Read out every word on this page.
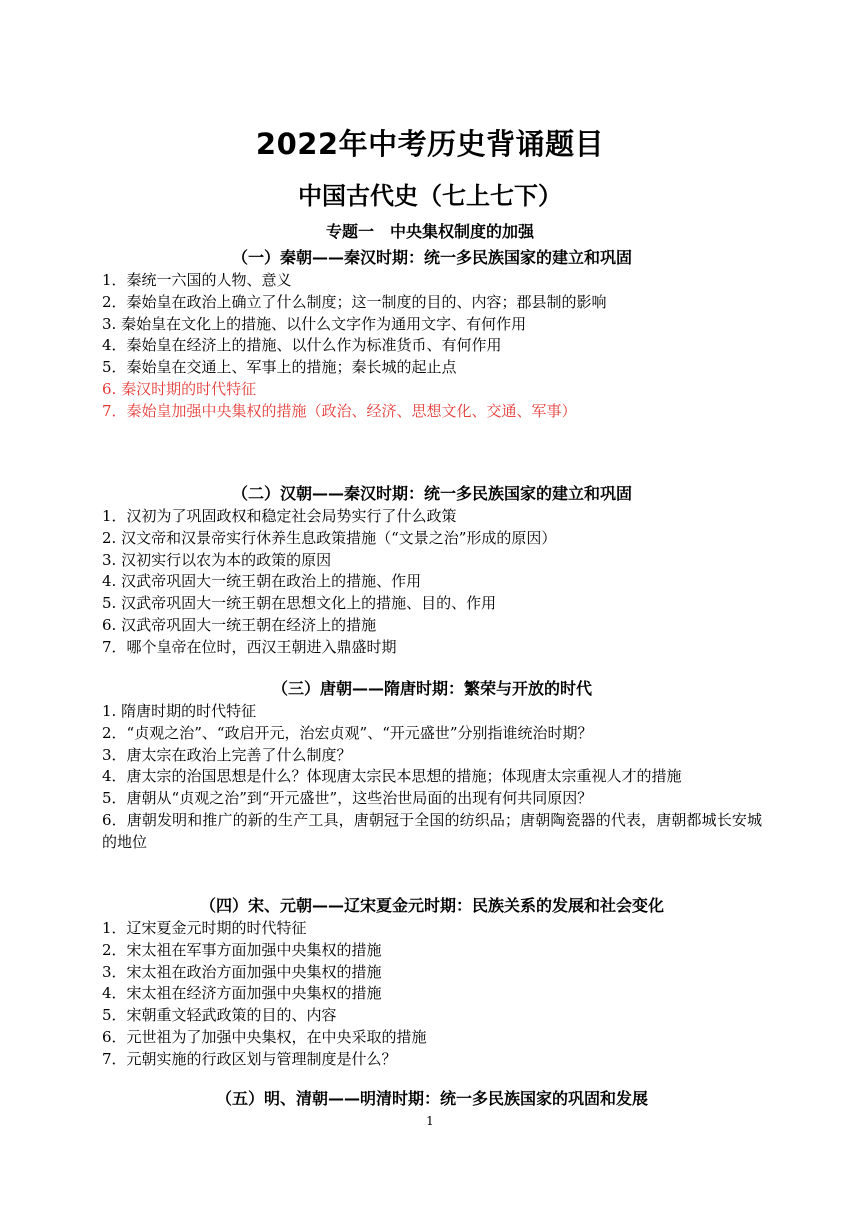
2022年中考历史背诵题目
中国古代史（七上七下）
专题一　中央集权制度的加强
（一）秦朝——秦汉时期：统一多民族国家的建立和巩固
1．秦统一六国的人物、意义
2．秦始皇在政治上确立了什么制度；这一制度的目的、内容；郡县制的影响
3. 秦始皇在文化上的措施、以什么文字作为通用文字、有何作用
4．秦始皇在经济上的措施、以什么作为标准货币、有何作用
5．秦始皇在交通上、军事上的措施；秦长城的起止点
6. 秦汉时期的时代特征
7．秦始皇加强中央集权的措施（政治、经济、思想文化、交通、军事）
（二）汉朝——秦汉时期：统一多民族国家的建立和巩固
1．汉初为了巩固政权和稳定社会局势实行了什么政策
2. 汉文帝和汉景帝实行休养生息政策措施（“文景之治”形成的原因）
3. 汉初实行以农为本的政策的原因
4. 汉武帝巩固大一统王朝在政治上的措施、作用
5. 汉武帝巩固大一统王朝在思想文化上的措施、目的、作用
6. 汉武帝巩固大一统王朝在经济上的措施
7．哪个皇帝在位时，西汉王朝进入鼎盛时期
（三）唐朝——隋唐时期：繁荣与开放的时代
1. 隋唐时期的时代特征
2．“贞观之治”、“政启开元，治宏贞观”、“开元盛世”分别指谁统治时期？
3．唐太宗在政治上完善了什么制度？
4．唐太宗的治国思想是什么？体现唐太宗民本思想的措施；体现唐太宗重视人才的措施
5．唐朝从“贞观之治”到“开元盛世”，这些治世局面的出现有何共同原因？
6．唐朝发明和推广的新的生产工具，唐朝冠于全国的纺织品；唐朝陶瓷器的代表，唐朝都城长安城的地位
（四）宋、元朝——辽宋夏金元时期：民族关系的发展和社会变化
1．辽宋夏金元时期的时代特征
2．宋太祖在军事方面加强中央集权的措施
3．宋太祖在政治方面加强中央集权的措施
4．宋太祖在经济方面加强中央集权的措施
5．宋朝重文轻武政策的目的、内容
6．元世祖为了加强中央集权，在中央采取的措施
7．元朝实施的行政区划与管理制度是什么？
（五）明、清朝——明清时期：统一多民族国家的巩固和发展
1
